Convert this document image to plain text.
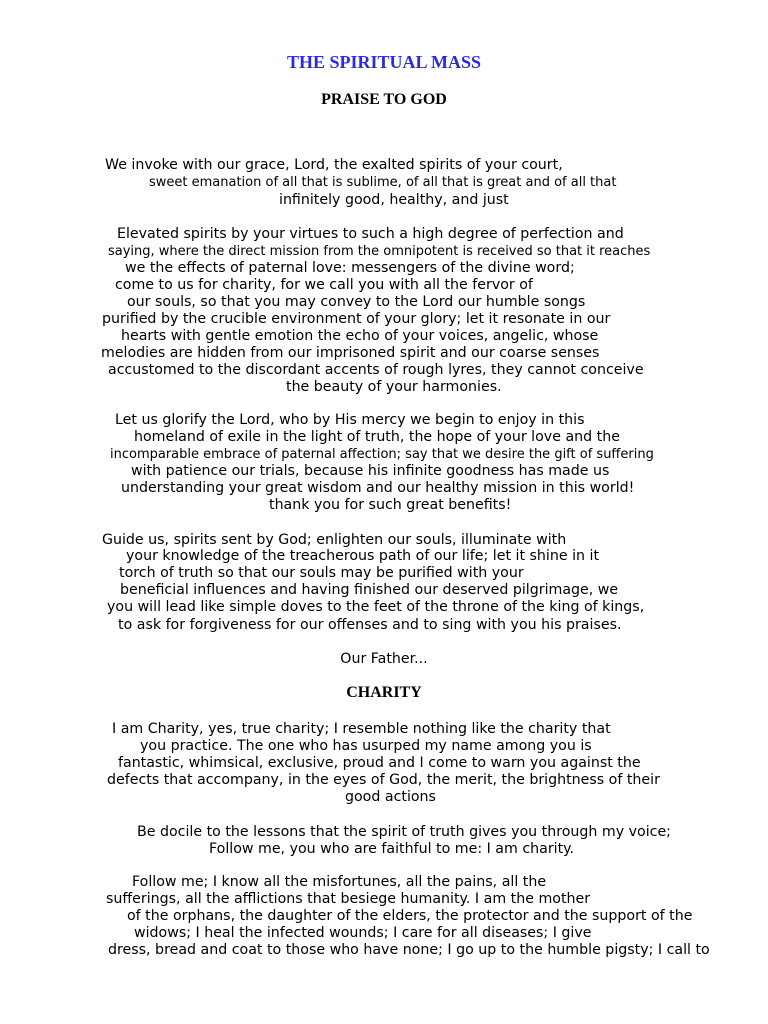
THE SPIRITUAL MASS
PRAISE TO GOD
We invoke with our grace, Lord, the exalted spirits of your court,
sweet emanation of all that is sublime, of all that is great and of all that
infinitely good, healthy, and just
Elevated spirits by your virtues to such a high degree of perfection and
saying, where the direct mission from the omnipotent is received so that it reaches
we the effects of paternal love: messengers of the divine word;
come to us for charity, for we call you with all the fervor of
our souls, so that you may convey to the Lord our humble songs
purified by the crucible environment of your glory; let it resonate in our
hearts with gentle emotion the echo of your voices, angelic, whose
melodies are hidden from our imprisoned spirit and our coarse senses
accustomed to the discordant accents of rough lyres, they cannot conceive
the beauty of your harmonies.
Let us glorify the Lord, who by His mercy we begin to enjoy in this
homeland of exile in the light of truth, the hope of your love and the
incomparable embrace of paternal affection; say that we desire the gift of suffering
with patience our trials, because his infinite goodness has made us
understanding your great wisdom and our healthy mission in this world!
thank you for such great benefits!
Guide us, spirits sent by God; enlighten our souls, illuminate with
your knowledge of the treacherous path of our life; let it shine in it
torch of truth so that our souls may be purified with your
beneficial influences and having finished our deserved pilgrimage, we
you will lead like simple doves to the feet of the throne of the king of kings,
to ask for forgiveness for our offenses and to sing with you his praises.
Our Father...
CHARITY
I am Charity, yes, true charity; I resemble nothing like the charity that
you practice. The one who has usurped my name among you is
fantastic, whimsical, exclusive, proud and I come to warn you against the
defects that accompany, in the eyes of God, the merit, the brightness of their
good actions
Be docile to the lessons that the spirit of truth gives you through my voice;
Follow me, you who are faithful to me: I am charity.
Follow me; I know all the misfortunes, all the pains, all the
sufferings, all the afflictions that besiege humanity. I am the mother
of the orphans, the daughter of the elders, the protector and the support of the
widows; I heal the infected wounds; I care for all diseases; I give
dress, bread and coat to those who have none; I go up to the humble pigsty; I call to
